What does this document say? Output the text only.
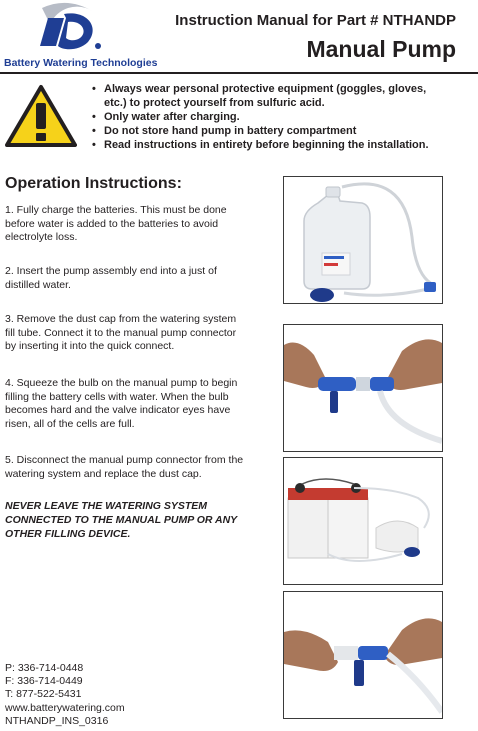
Battery Watering Technologies
Instruction Manual for Part # NTHANDP
Manual Pump
• Always wear personal protective equipment (goggles, gloves, etc.) to protect yourself from sulfuric acid.
• Only water after charging.
• Do not store hand pump in battery compartment
• Read instructions in entirety before beginning the installation.
Operation Instructions:
1. Fully charge the batteries. This must be done before water is added to the batteries to avoid electrolyte loss.
2. Insert the pump assembly end into a just of distilled water.
3. Remove the dust cap from the watering system fill tube. Connect it to the manual pump connector by inserting it into the quick connect.
4. Squeeze the bulb on the manual pump to begin filling the battery cells with water. When the bulb becomes hard and the valve indicator eyes have risen, all of the cells are full.
5. Disconnect the manual pump connector from the watering system and replace the dust cap.
NEVER LEAVE THE WATERING SYSTEM CONNECTED TO THE MANUAL PUMP OR ANY OTHER FILLING DEVICE.
P: 336-714-0448
F: 336-714-0449
T: 877-522-5431
www.batterywatering.com
NTHANDP_INS_0316
